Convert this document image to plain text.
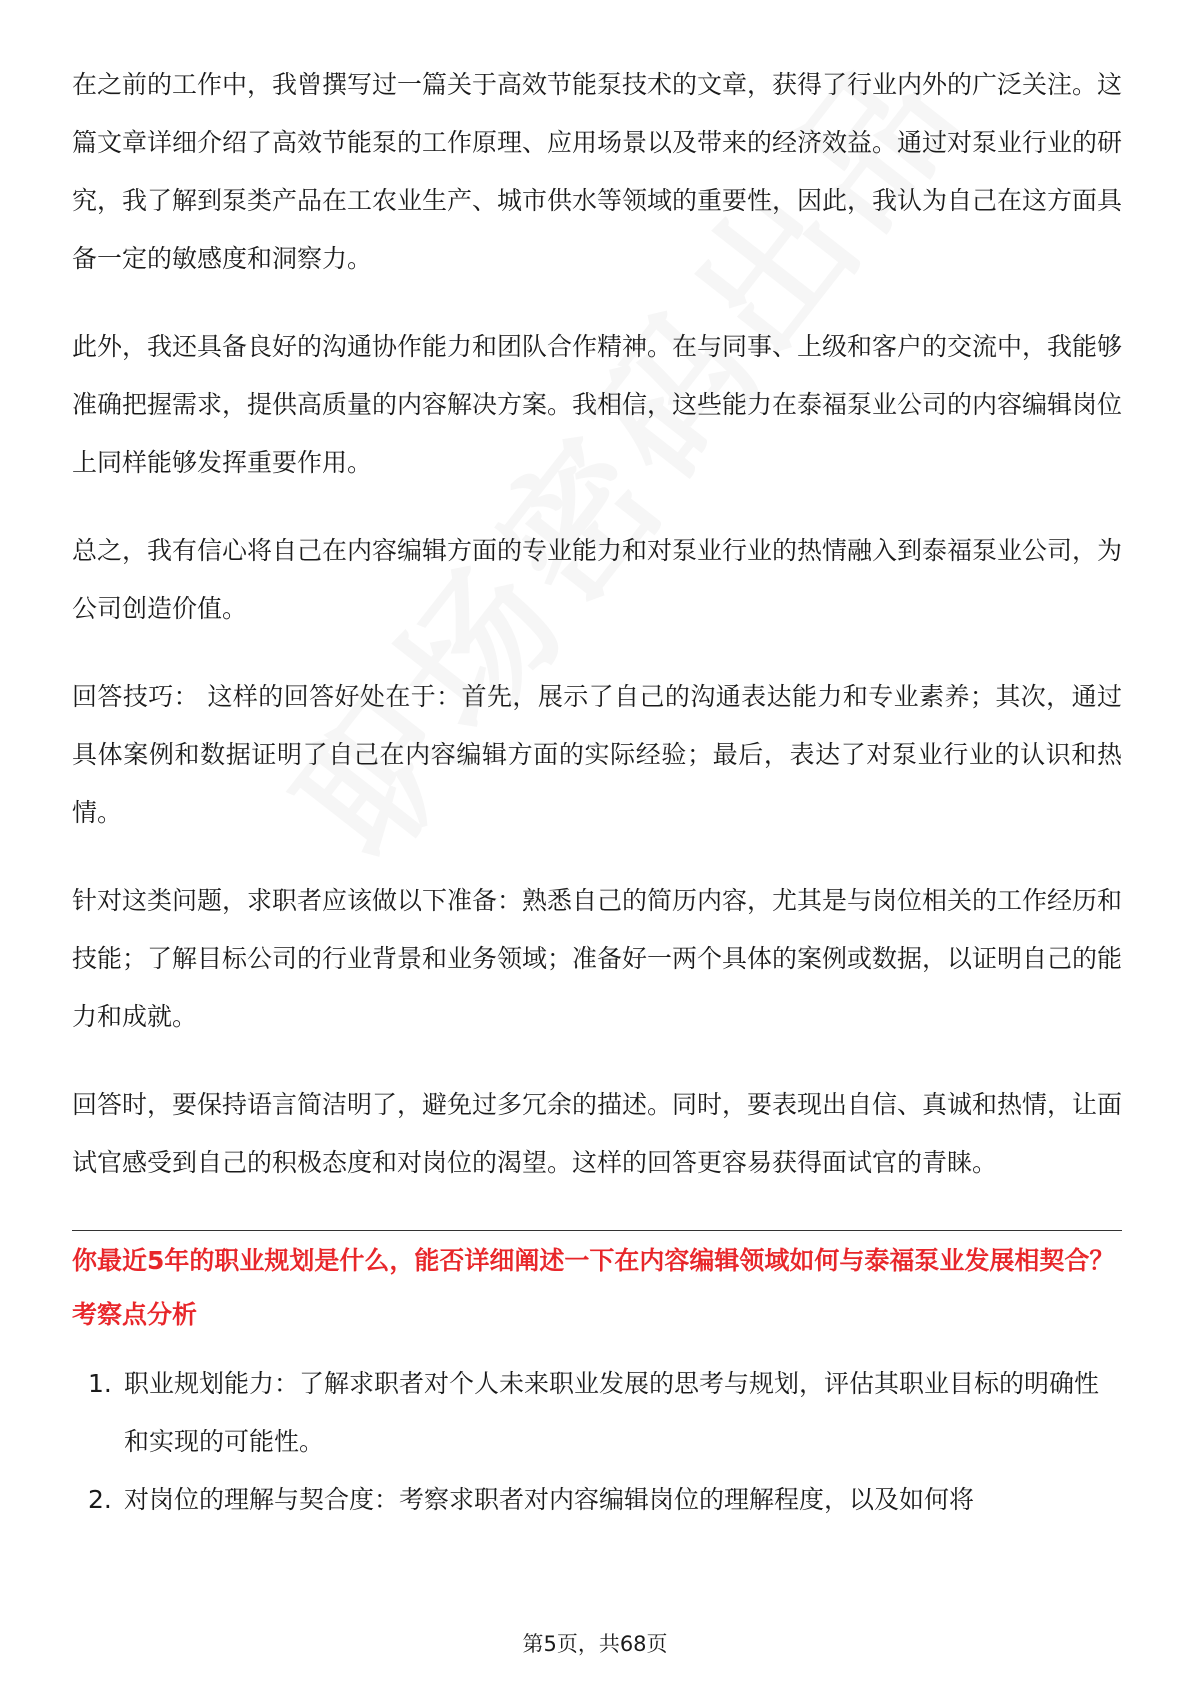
在之前的工作中，我曾撰写过一篇关于高效节能泵技术的文章，获得了行业内外的广泛关注。这篇文章详细介绍了高效节能泵的工作原理、应用场景以及带来的经济效益。通过对泵业行业的研究，我了解到泵类产品在工农业生产、城市供水等领域的重要性，因此，我认为自己在这方面具备一定的敏感度和洞察力。

此外，我还具备良好的沟通协作能力和团队合作精神。在与同事、上级和客户的交流中，我能够准确把握需求，提供高质量的内容解决方案。我相信，这些能力在泰福泵业公司的内容编辑岗位上同样能够发挥重要作用。

总之，我有信心将自己在内容编辑方面的专业能力和对泵业行业的热情融入到泰福泵业公司，为公司创造价值。

回答技巧： 这样的回答好处在于：首先，展示了自己的沟通表达能力和专业素养；其次，通过具体案例和数据证明了自己在内容编辑方面的实际经验；最后，表达了对泵业行业的认识和热情。

针对这类问题，求职者应该做以下准备：熟悉自己的简历内容，尤其是与岗位相关的工作经历和技能；了解目标公司的行业背景和业务领域；准备好一两个具体的案例或数据，以证明自己的能力和成就。

回答时，要保持语言简洁明了，避免过多冗余的描述。同时，要表现出自信、真诚和热情，让面试官感受到自己的积极态度和对岗位的渴望。这样的回答更容易获得面试官的青睐。

你最近5年的职业规划是什么，能否详细阐述一下在内容编辑领域如何与泰福泵业发展相契合？
考察点分析
1. 职业规划能力：了解求职者对个人未来职业发展的思考与规划，评估其职业目标的明确性和实现的可能性。
2. 对岗位的理解与契合度：考察求职者对内容编辑岗位的理解程度，以及如何将
第5页，共68页
